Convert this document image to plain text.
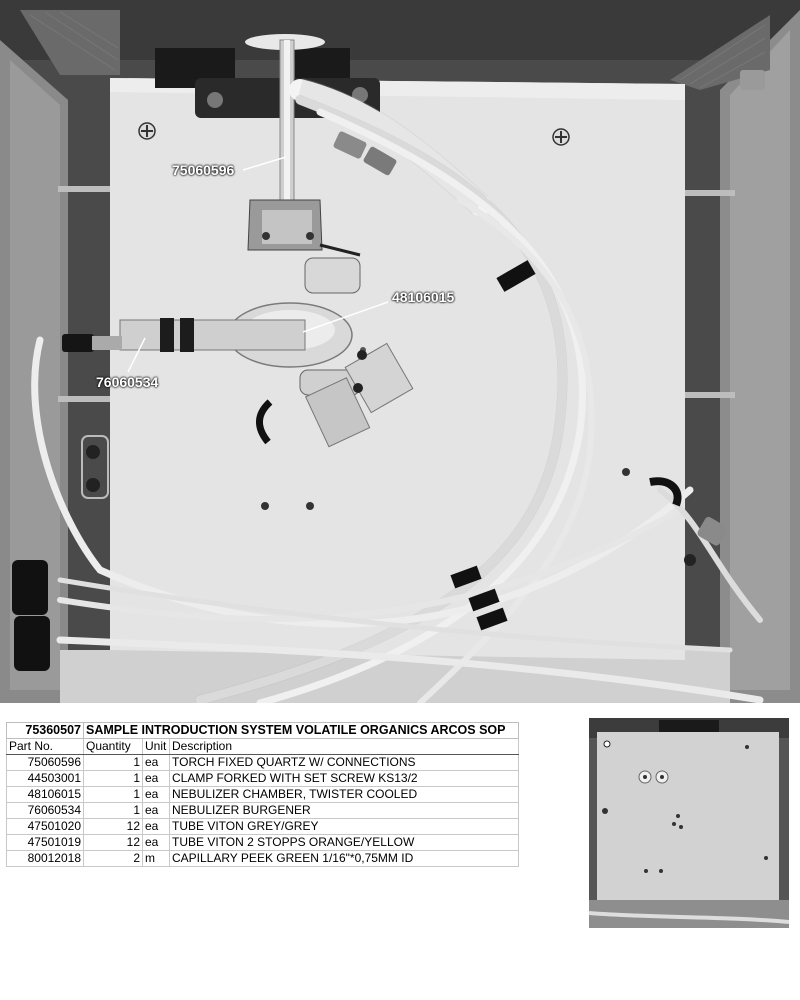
75060596
48106015
76060534
75360507	SAMPLE INTRODUCTION SYSTEM VOLATILE ORGANICS ARCOS SOP		
Part No.	Quantity	Unit	Description
75060596	1	ea	TORCH FIXED QUARTZ W/ CONNECTIONS
44503001	1	ea	CLAMP FORKED WITH SET SCREW KS13/2
48106015	1	ea	NEBULIZER CHAMBER, TWISTER COOLED
76060534	1	ea	NEBULIZER BURGENER
47501020	12	ea	TUBE VITON GREY/GREY
47501019	12	ea	TUBE VITON 2 STOPPS ORANGE/YELLOW
80012018	2	m	CAPILLARY PEEK GREEN 1/16"*0,75MM ID
